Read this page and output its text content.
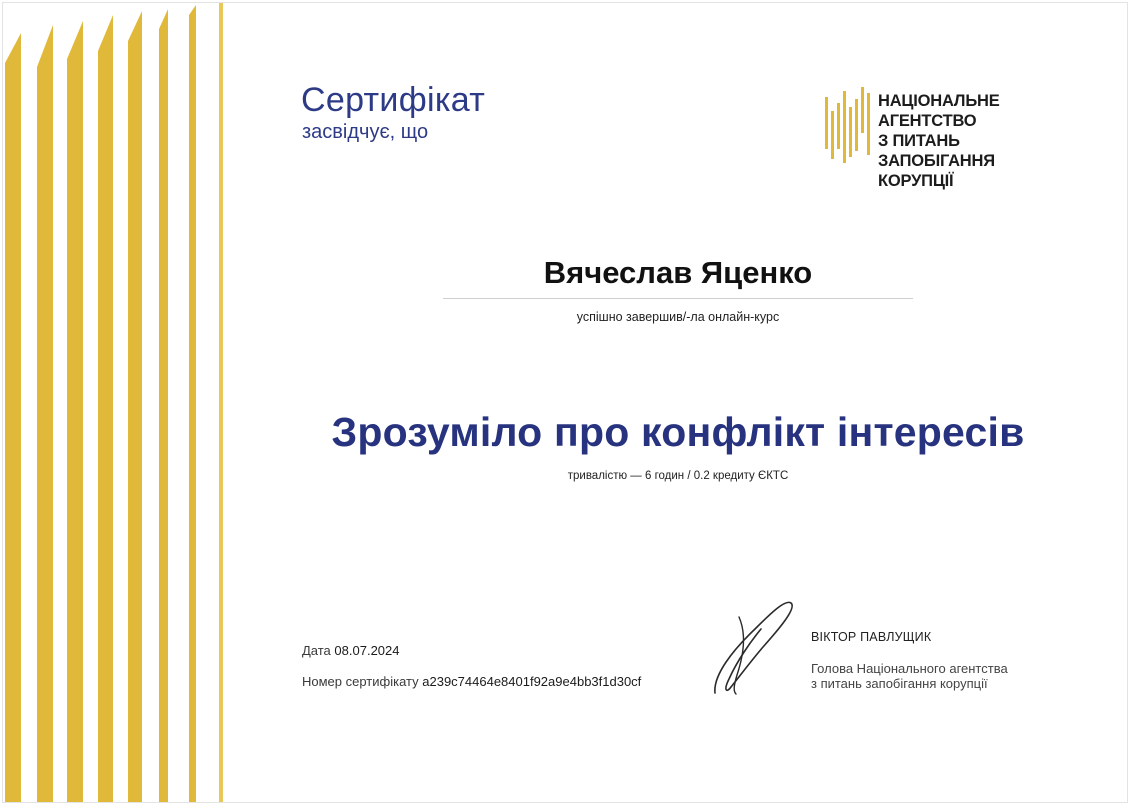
Сертифікат
засвідчує, що
НАЦІОНАЛЬНЕ АГЕНТСТВО
З ПИТАНЬ ЗАПОБІГАННЯ
КОРУПЦІЇ
Вячеслав Яценко
успішно завершив/-ла онлайн-курс
Зрозуміло про конфлікт інтересів
тривалістю — 6 годин / 0.2 кредиту ЄКТС
Дата 08.07.2024
Номер сертифікату a239c74464e8401f92a9e4bb3f1d30cf
ВІКТОР ПАВЛУЩИК
Голова Національного агентства
з питань запобігання корупції
